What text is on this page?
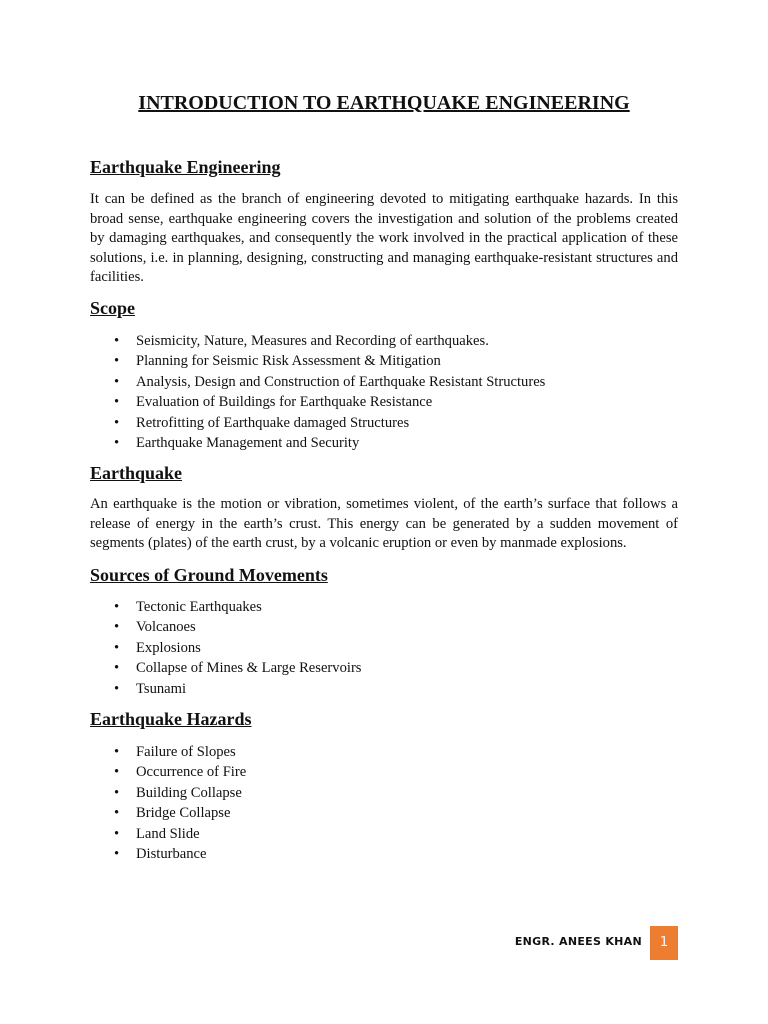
INTRODUCTION TO EARTHQUAKE ENGINEERING
Earthquake Engineering

It can be defined as the branch of engineering devoted to mitigating earthquake hazards. In this broad sense, earthquake engineering covers the investigation and solution of the problems created by damaging earthquakes, and consequently the work involved in the practical application of these solutions, i.e. in planning, designing, constructing and managing earthquake-resistant structures and facilities.

Scope
• Seismicity, Nature, Measures and Recording of earthquakes.
• Planning for Seismic Risk Assessment & Mitigation
• Analysis, Design and Construction of Earthquake Resistant Structures
• Evaluation of Buildings for Earthquake Resistance
• Retrofitting of Earthquake damaged Structures
• Earthquake Management and Security
Earthquake

An earthquake is the motion or vibration, sometimes violent, of the earth’s surface that follows a release of energy in the earth’s crust. This energy can be generated by a sudden movement of segments (plates) of the earth crust, by a volcanic eruption or even by manmade explosions.

Sources of Ground Movements
• Tectonic Earthquakes
• Volcanoes
• Explosions
• Collapse of Mines & Large Reservoirs
• Tsunami
Earthquake Hazards
• Failure of Slopes
• Occurrence of Fire
• Building Collapse
• Bridge Collapse
• Land Slide
• Disturbance
ENGR. ANEES KHAN	1
